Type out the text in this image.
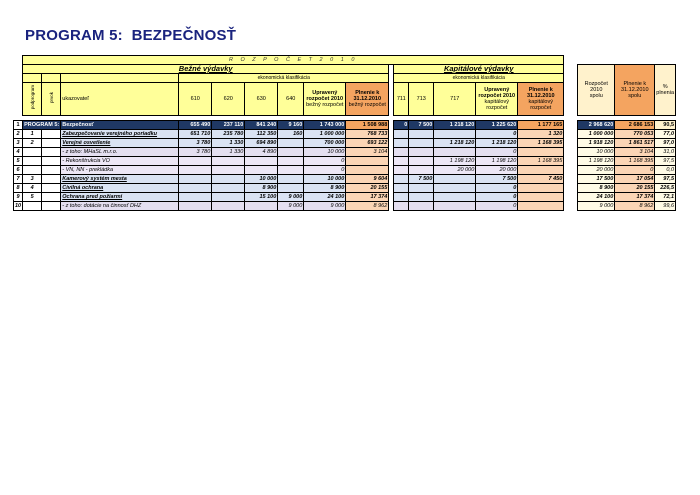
PROGRAM 5:  BEZPEČNOSŤ
	R O Z P O Č E T 2 0 1 0																		
	Bežné výdavky										Kapitálové výdavky						Rozpočet 2010
spolu	Plnenie k 31.12.2010
spolu	%
plnenia
				ekonomická klasifikácia							ekonomická klasifikácia								
	podprogram	prvok	ukazovateľ	610	620	630	640	Upravený rozpočet 2010
bežný rozpočet	Plnenie k 31.12.2010
bežný rozpočet		711	713	717	Upravený rozpočet 2010
kapitálový rozpočet	Plnenie k 31.12.2010
kapitálový rozpočet				

1	PROGRAM 5:		Bezpečnosť	655 490	237 110	841 240	9 160	1 743 000	1 508 988		0	7 500	1 218 120	1 225 620	1 177 165		2 968 620	2 686 153	90,5
2	1		Zabezpečovanie verejného poriadku	651 710	235 780	112 350	160	1 000 000	768 733					0	1 320		1 000 000	770 053	77,0
3	2		Verejné osvetlenie	3 780	1 330	694 890		700 000	693 122				1 218 120	1 218 120	1 168 395		1 918 120	1 861 517	97,0
4			- z toho: MHaSL m.r.o.	3 780	1 330	4 890		10 000	3 104					0			10 000	3 104	31,0
5			- Rekonštrukcia VO					0					1 198 120	1 198 120	1 168 395		1 198 120	1 168 395	97,5
6			- VN, NN - prekládka					0					20 000	20 000			20 000	0	0,0
7	3		Kamerový systém mesta			10 000		10 000	9 604			7 500		7 500	7 450		17 500	17 054	97,5
8	4		Civilná ochrana			8 900		8 900	20 155					0			8 900	20 155	226,5
9	5		Ochrana pred požiarmi			15 100	9 000	24 100	17 374					0			24 100	17 374	72,1
10			- z toho: dotácie na činnosť DHZ				9 000	9 000	8 962					0			9 000	8 962	99,6
